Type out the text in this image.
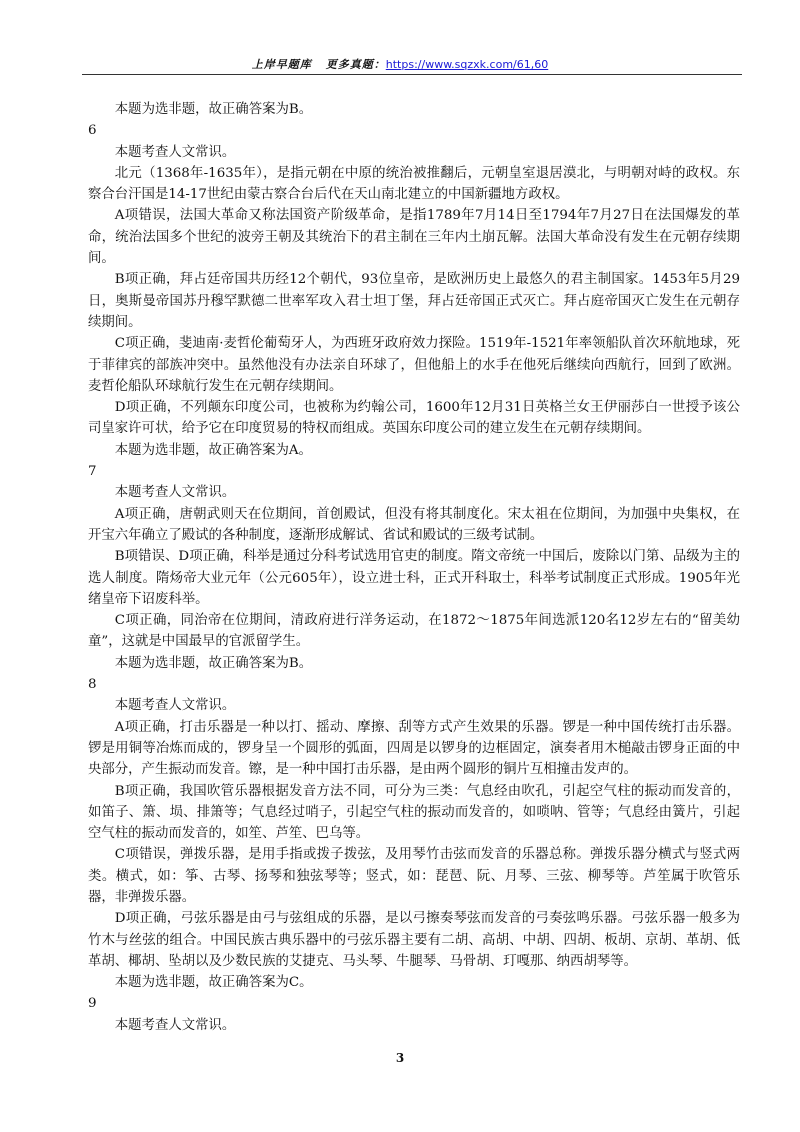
上岸早题库 更多真题：https://www.sqzxk.com/61,60

本题为选非题，故正确答案为B。

6

本题考查人文常识。

北元（1368年-1635年），是指元朝在中原的统治被推翻后，元朝皇室退居漠北，与明朝对峙的政权。东察合台汗国是14-17世纪由蒙古察合台后代在天山南北建立的中国新疆地方政权。

A项错误，法国大革命又称法国资产阶级革命，是指1789年7月14日至1794年7月27日在法国爆发的革命，统治法国多个世纪的波旁王朝及其统治下的君主制在三年内土崩瓦解。法国大革命没有发生在元朝存续期间。

B项正确，拜占廷帝国共历经12个朝代，93位皇帝，是欧洲历史上最悠久的君主制国家。1453年5月29日，奥斯曼帝国苏丹穆罕默德二世率军攻入君士坦丁堡，拜占廷帝国正式灭亡。拜占庭帝国灭亡发生在元朝存续期间。

C项正确，斐迪南·麦哲伦葡萄牙人，为西班牙政府效力探险。1519年-1521年率领船队首次环航地球，死于菲律宾的部族冲突中。虽然他没有办法亲自环球了，但他船上的水手在他死后继续向西航行，回到了欧洲。麦哲伦船队环球航行发生在元朝存续期间。

D项正确，不列颠东印度公司，也被称为约翰公司，1600年12月31日英格兰女王伊丽莎白一世授予该公司皇家许可状，给予它在印度贸易的特权而组成。英国东印度公司的建立发生在元朝存续期间。

本题为选非题，故正确答案为A。

7

本题考查人文常识。

A项正确，唐朝武则天在位期间，首创殿试，但没有将其制度化。宋太祖在位期间，为加强中央集权，在开宝六年确立了殿试的各种制度，逐渐形成解试、省试和殿试的三级考试制。

B项错误、D项正确，科举是通过分科考试选用官吏的制度。隋文帝统一中国后，废除以门第、品级为主的选人制度。隋炀帝大业元年（公元605年），设立进士科，正式开科取士，科举考试制度正式形成。1905年光绪皇帝下诏废科举。

C项正确，同治帝在位期间，清政府进行洋务运动，在1872～1875年间选派120名12岁左右的“留美幼童”，这就是中国最早的官派留学生。

本题为选非题，故正确答案为B。

8

本题考查人文常识。

A项正确，打击乐器是一种以打、摇动、摩擦、刮等方式产生效果的乐器。锣是一种中国传统打击乐器。锣是用铜等冶炼而成的，锣身呈一个圆形的弧面，四周是以锣身的边框固定，演奏者用木槌敲击锣身正面的中央部分，产生振动而发音。镲，是一种中国打击乐器，是由两个圆形的铜片互相撞击发声的。

B项正确，我国吹管乐器根据发音方法不同，可分为三类：气息经由吹孔，引起空气柱的振动而发音的，如笛子、箫、埙、排箫等；气息经过哨子，引起空气柱的振动而发音的，如唢呐、管等；气息经由簧片，引起空气柱的振动而发音的，如笙、芦笙、巴乌等。

C项错误，弹拨乐器，是用手指或拨子拨弦，及用琴竹击弦而发音的乐器总称。弹拨乐器分横式与竖式两类。横式，如：筝、古琴、扬琴和独弦琴等；竖式，如：琵琶、阮、月琴、三弦、柳琴等。芦笙属于吹管乐器，非弹拨乐器。

D项正确，弓弦乐器是由弓与弦组成的乐器，是以弓擦奏琴弦而发音的弓奏弦鸣乐器。弓弦乐器一般多为竹木与丝弦的组合。中国民族古典乐器中的弓弦乐器主要有二胡、高胡、中胡、四胡、板胡、京胡、革胡、低革胡、椰胡、坠胡以及少数民族的艾捷克、马头琴、牛腿琴、马骨胡、玎嘎那、纳西胡琴等。

本题为选非题，故正确答案为C。

9

本题考查人文常识。

3
